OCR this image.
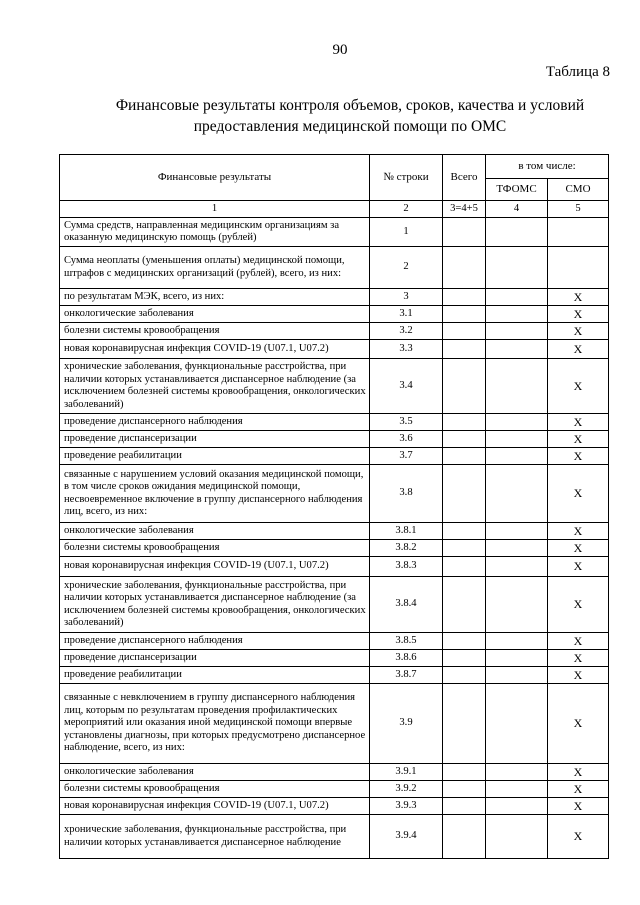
90
Таблица 8
Финансовые результаты контроля объемов, сроков, качества и условий
предоставления медицинской помощи по ОМС
Финансовые результаты	№ строки	Всего	в том числе:	
			ТФОМС	СМО
1	2	3=4+5	4	5
Сумма средств, направленная медицинским организациям за оказанную медицинскую помощь (рублей)	1			
Сумма неоплаты (уменьшения оплаты) медицинской помощи, штрафов с медицинских организаций (рублей), всего, из них:	2			
по результатам МЭК, всего, из них:	3			X
онкологические заболевания	3.1			X
болезни системы кровообращения	3.2			X
новая коронавирусная инфекция COVID-19 (U07.1, U07.2)	3.3			X
хронические заболевания, функциональные расстройства, при наличии которых устанавливается диспансерное наблюдение (за исключением болезней системы кровообращения, онкологических заболеваний)	3.4			X
проведение диспансерного наблюдения	3.5			X
проведение диспансеризации	3.6			X
проведение реабилитации	3.7			X
связанные с нарушением условий оказания медицинской помощи, в том числе сроков ожидания медицинской помощи, несвоевременное включение в группу диспансерного наблюдения лиц, всего, из них:	3.8			X
онкологические заболевания	3.8.1			X
болезни системы кровообращения	3.8.2			X
новая коронавирусная инфекция COVID-19 (U07.1, U07.2)	3.8.3			X
хронические заболевания, функциональные расстройства, при наличии которых устанавливается диспансерное наблюдение (за исключением болезней системы кровообращения, онкологических заболеваний)	3.8.4			X
проведение диспансерного наблюдения	3.8.5			X
проведение диспансеризации	3.8.6			X
проведение реабилитации	3.8.7			X
связанные с невключением в группу диспансерного наблюдения лиц, которым по результатам проведения профилактических мероприятий или оказания иной медицинской помощи впервые установлены диагнозы, при которых предусмотрено диспансерное наблюдение, всего, из них:	3.9			X
онкологические заболевания	3.9.1			X
болезни системы кровообращения	3.9.2			X
новая коронавирусная инфекция COVID-19 (U07.1, U07.2)	3.9.3			X
хронические заболевания, функциональные расстройства, при наличии которых устанавливается диспансерное наблюдение	3.9.4			X
